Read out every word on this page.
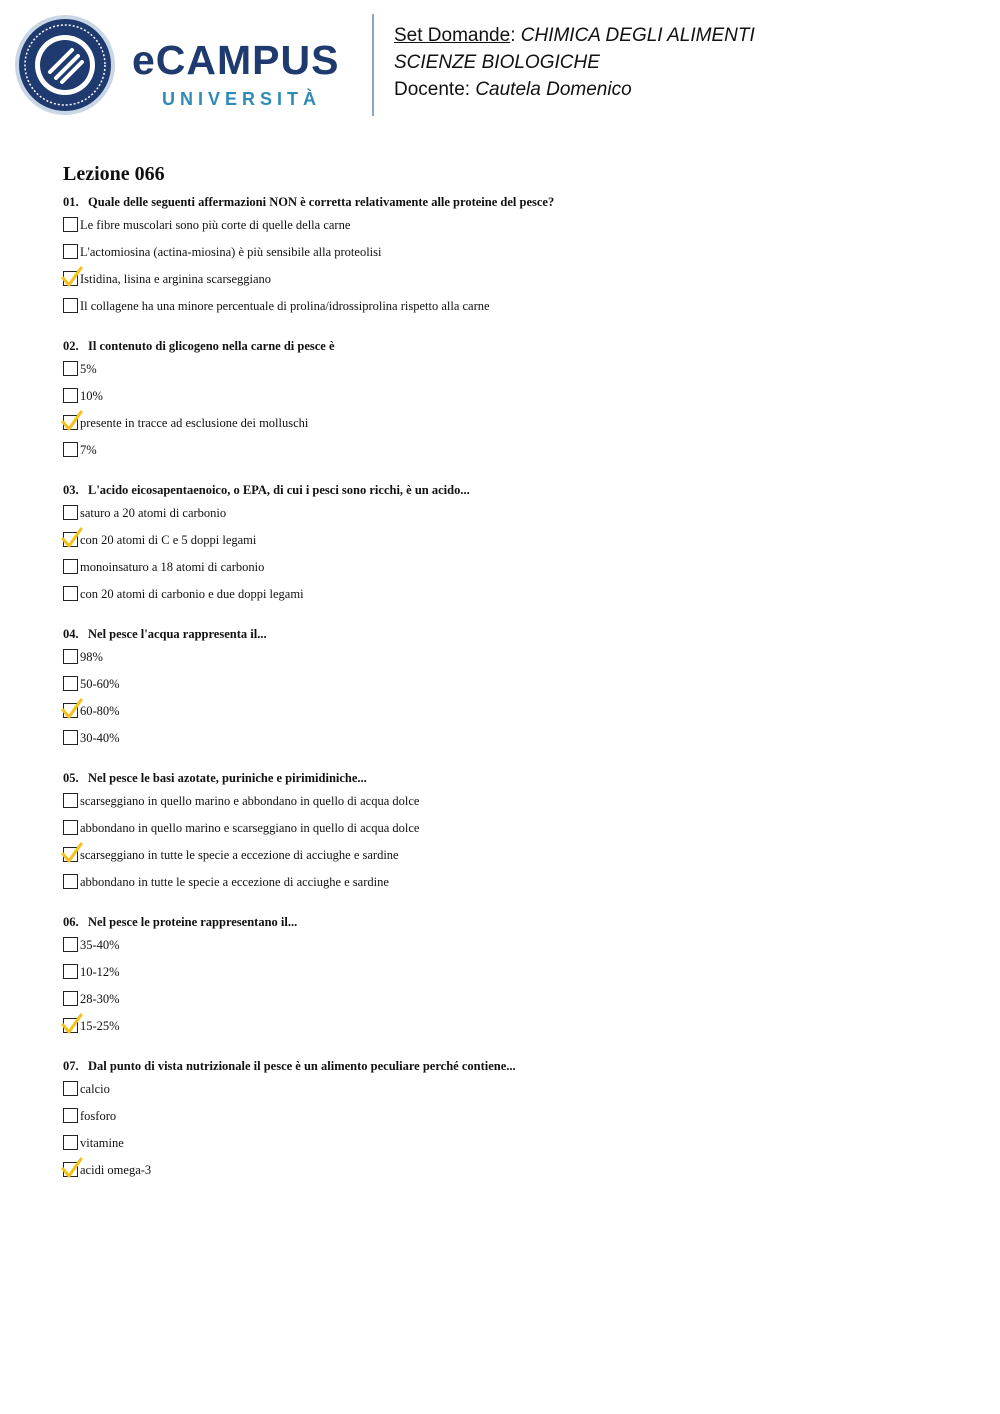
eCAMPUS
UNIVERSITÀ
Set Domande: CHIMICA DEGLI ALIMENTI
SCIENZE BIOLOGICHE
Docente: Cautela Domenico
Lezione 066
01. Quale delle seguenti affermazioni NON è corretta relativamente alle proteine del pesce?
Le fibre muscolari sono più corte di quelle della carne
L'actomiosina (actina-miosina) è più sensibile alla proteolisi
Istidina, lisina e arginina scarseggiano
Il collagene ha una minore percentuale di prolina/idrossiprolina rispetto alla carne
02. Il contenuto di glicogeno nella carne di pesce è
5%
10%
presente in tracce ad esclusione dei molluschi
7%
03. L'acido eicosapentaenoico, o EPA, di cui i pesci sono ricchi, è un acido...
saturo a 20 atomi di carbonio
con 20 atomi di C e 5 doppi legami
monoinsaturo a 18 atomi di carbonio
con 20 atomi di carbonio e due doppi legami
04. Nel pesce l'acqua rappresenta il...
98%
50-60%
60-80%
30-40%
05. Nel pesce le basi azotate, puriniche e pirimidiniche...
scarseggiano in quello marino e abbondano in quello di acqua dolce
abbondano in quello marino e scarseggiano in quello di acqua dolce
scarseggiano in tutte le specie a eccezione di acciughe e sardine
abbondano in tutte le specie a eccezione di acciughe e sardine
06. Nel pesce le proteine rappresentano il...
35-40%
10-12%
28-30%
15-25%
07. Dal punto di vista nutrizionale il pesce è un alimento peculiare perché contiene...
calcio
fosforo
vitamine
acidi omega-3
